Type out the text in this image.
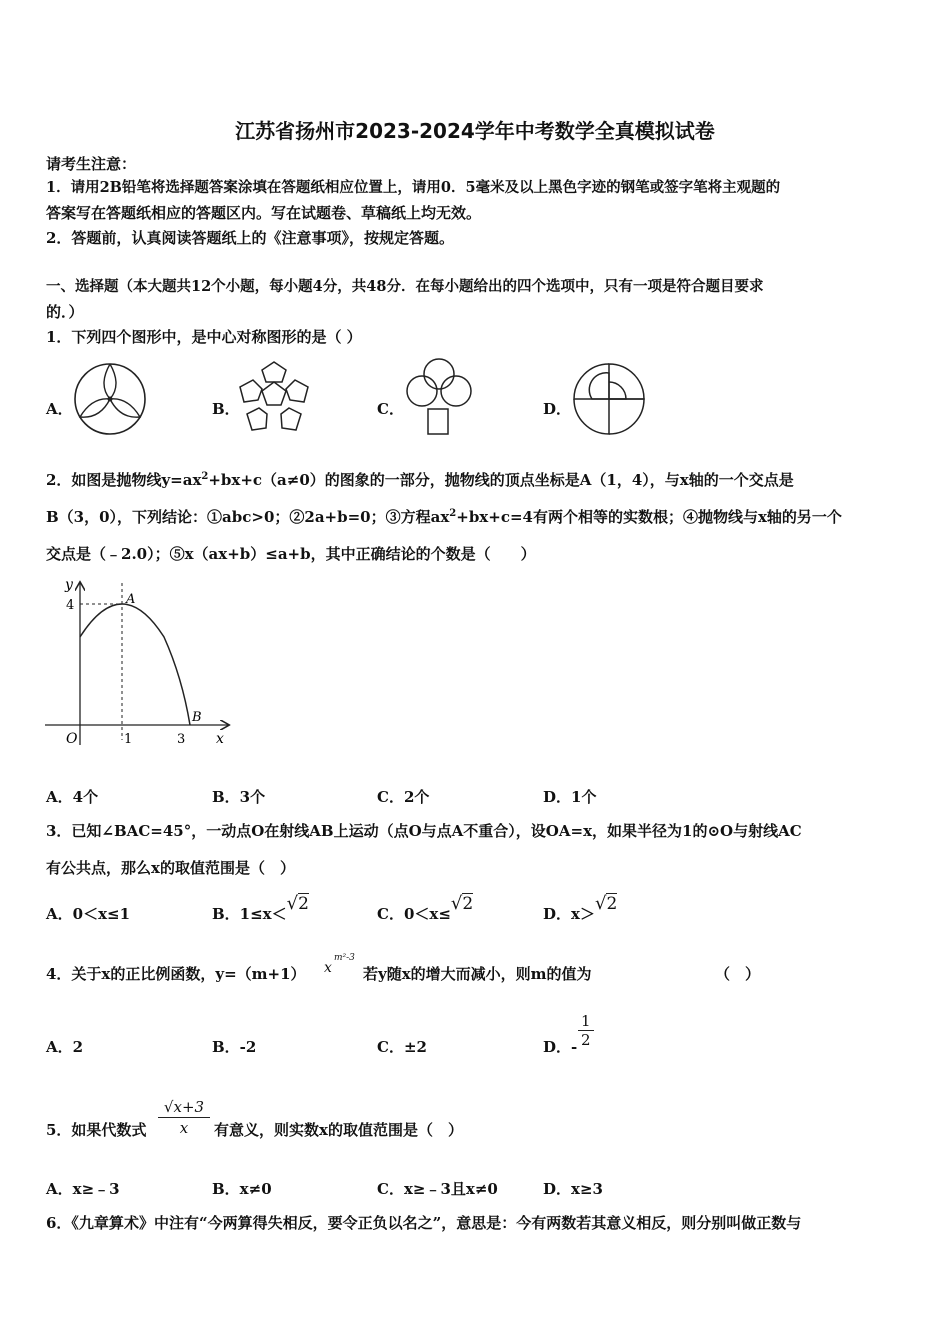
江苏省扬州市2023-2024学年中考数学全真模拟试卷
请考生注意：
1．请用2B铅笔将选择题答案涂填在答题纸相应位置上，请用0．5毫米及以上黑色字迹的钢笔或签字笔将主观题的
答案写在答题纸相应的答题区内。写在试题卷、草稿纸上均无效。
2．答题前，认真阅读答题纸上的《注意事项》，按规定答题。
一、选择题（本大题共12个小题，每小题4分，共48分．在每小题给出的四个选项中，只有一项是符合题目要求
的．）
1．下列四个图形中，是中心对称图形的是（ ）
A．	B．	C．	D．
2．如图是抛物线$y=ax^2+bx+c(a\ne 0)$的图象的一部分，抛物线的顶点坐标是A（1，4），与x轴的一个交点是
B（3，0），下列结论：①abc>0；②2a+b=0；③方程$ax^2+bx+c=4$有两个相等的实数根；④抛物线与x轴的另一个
交点是（﹣2.0）；⑤x（ax+b）≤a+b，其中正确结论的个数是（　　）
y
4	A
B
O	1	3 x
A．4个	B．3个	C．2个	D．1个
3．已知∠BAC=45°，一动点O在射线AB上运动（点O与点A不重合），设OA=x，如果半径为1的⊙O与射线AC
有公共点，那么x的取值范围是（　）
A．0＜x≤1	B．1≤x＜√2	C．0＜x≤√2	D．x＞√2
4．关于x的正比例函数，y=（m+1） x
m²-3
若y随x的增大而减小，则m的值为	（　）
A．2	B．-2	C．±2	D．- $\frac{1}{2}$
5．如果代数式 $\frac{√x+3}{x}$ 有意义，则实数x的取值范围是（　）
A．x≥﹣3	B．x≠0	C．x≥﹣3且x≠0	D．x≥3
6．《九章算术》中注有“今两算得失相反，要令正负以名之”，意思是：今有两数若其意义相反，则分别叫做正数与
